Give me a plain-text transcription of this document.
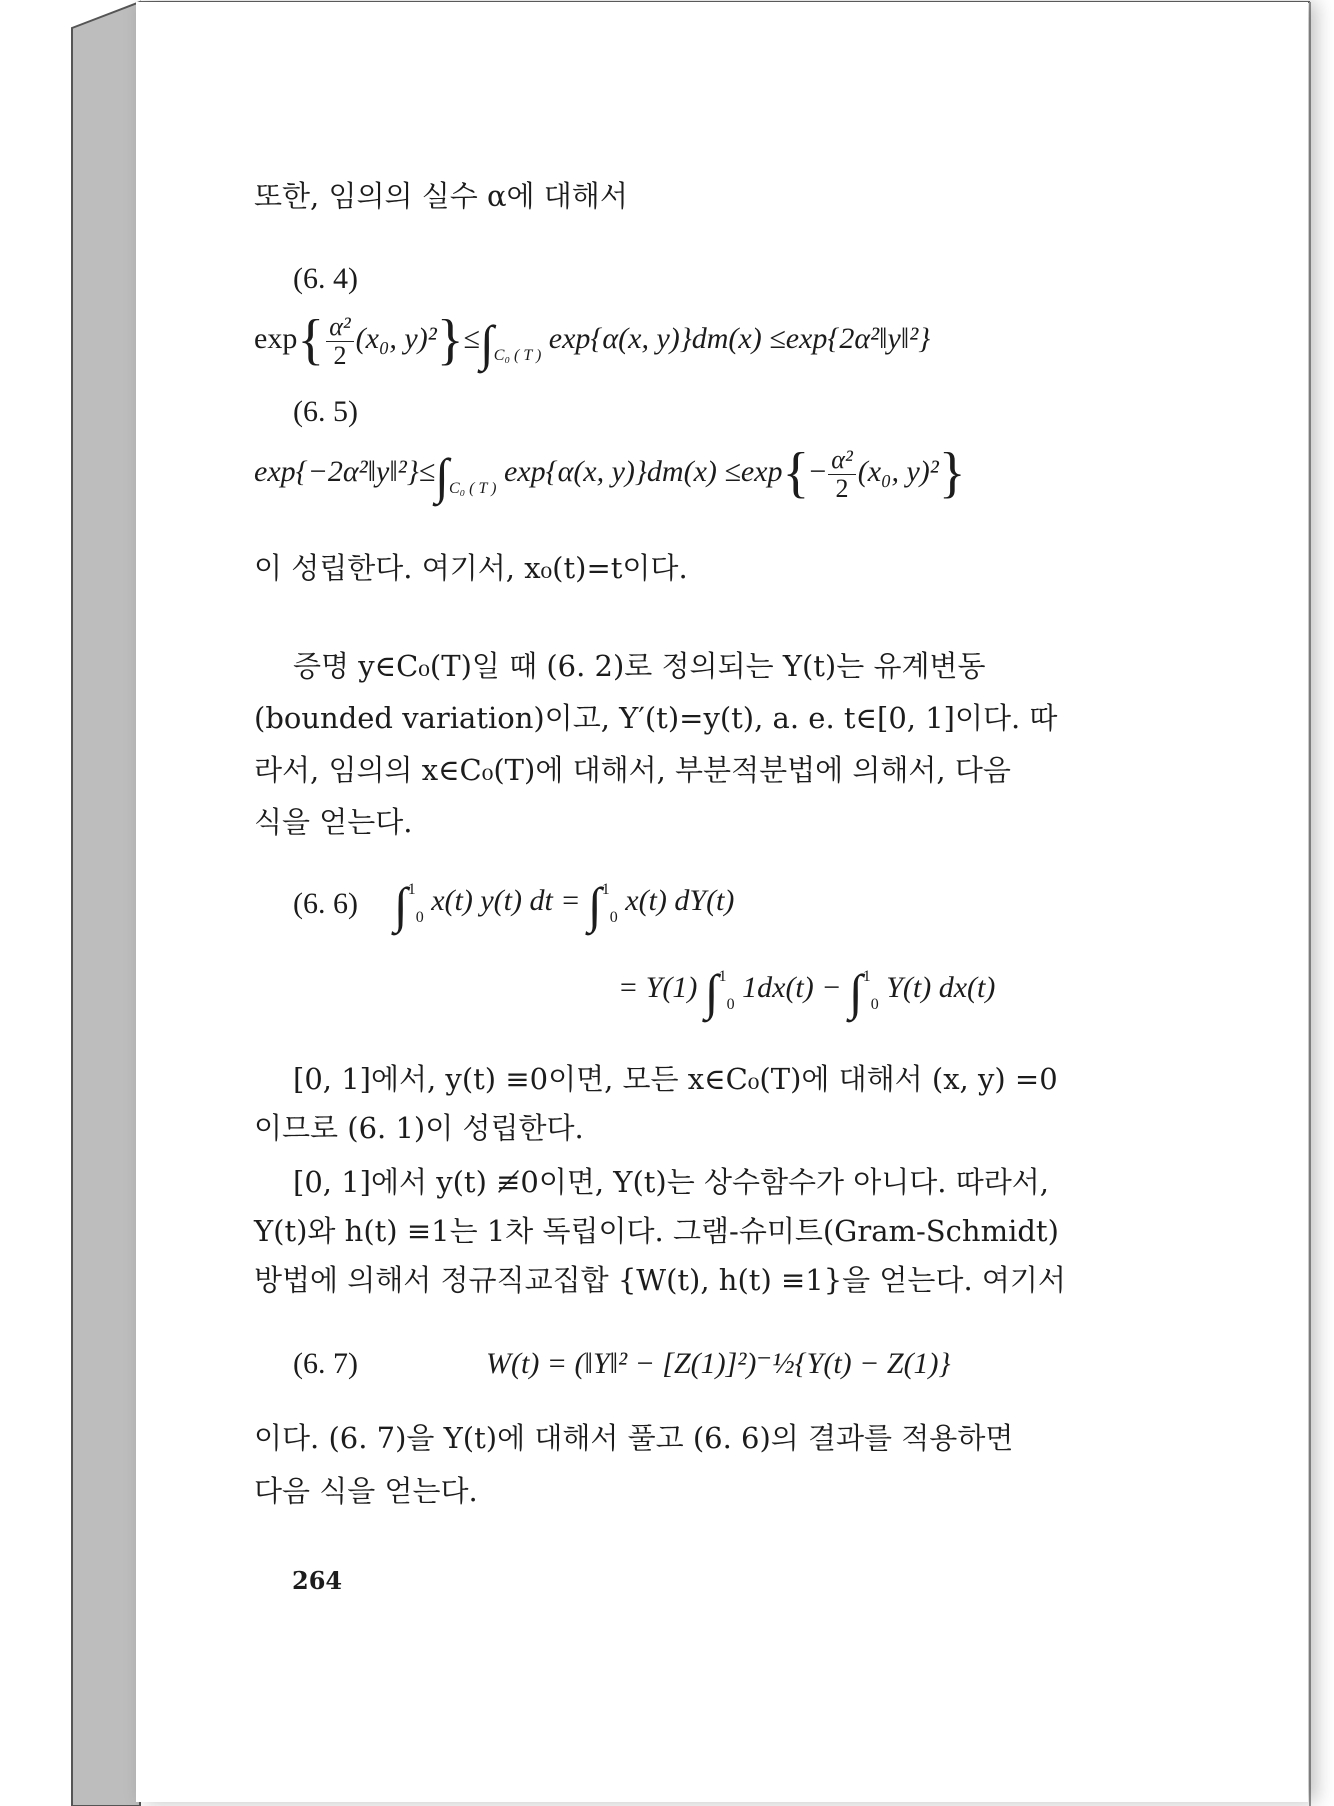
또한, 임의의 실수 α에 대해서
(6. 4)
$\exp\{ \frac{\text{α²}}{2} (x_0$, $y)^2\}\le\int_{C_0 ( T )}$ exp{α(x, y)}dm(x) ≤exp{2α²‖y‖²}
(6. 5)
$\exp\{-2\alpha^2‖y‖^2\}\le\int_{C_0 ( T )}$ exp{α(x, $y)\}dm(x) \le\exp\{- \frac{\text{α²}}{2} (x_0$, y)²}
이 성립한다. 여기서, x₀(t)=t이다.
증명 y∈C₀(T)일 때 (6. 2)로 정의되는 Y(t)는 유계변동
(bounded variation)이고, Y′(t)=y(t), a. e. t∈[0, 1]이다. 따
라서, 임의의 x∈C₀(T)에 대해서, 부분적분법에 의해서, 다음
식을 얻는다.
(6. 6) ∫$^1_0$ x(t) y(t) dt = ∫$^1_0$ x(t) dY(t)
= Y(1) ∫$^1_0$ 1dx(t) − ∫$^1_0$ Y(t) dx(t)
[0, 1]에서, y(t) ≡0이면, 모든 x∈C₀(T)에 대해서 (x, y) =0
이므로 (6. 1)이 성립한다.
[0, 1]에서 y(t) ≢0이면, Y(t)는 상수함수가 아니다. 따라서,
Y(t)와 h(t) ≡1는 1차 독립이다. 그램-슈미트(Gram-Schmidt)
방법에 의해서 정규직교집합 {W(t), h(t) ≡1}을 얻는다. 여기서
(6. 7)	W(t) = (‖Y‖² − [Z(1)]²)⁻½{Y(t) − Z(1)}
이다. (6. 7)을 Y(t)에 대해서 풀고 (6. 6)의 결과를 적용하면
다음 식을 얻는다.
264
